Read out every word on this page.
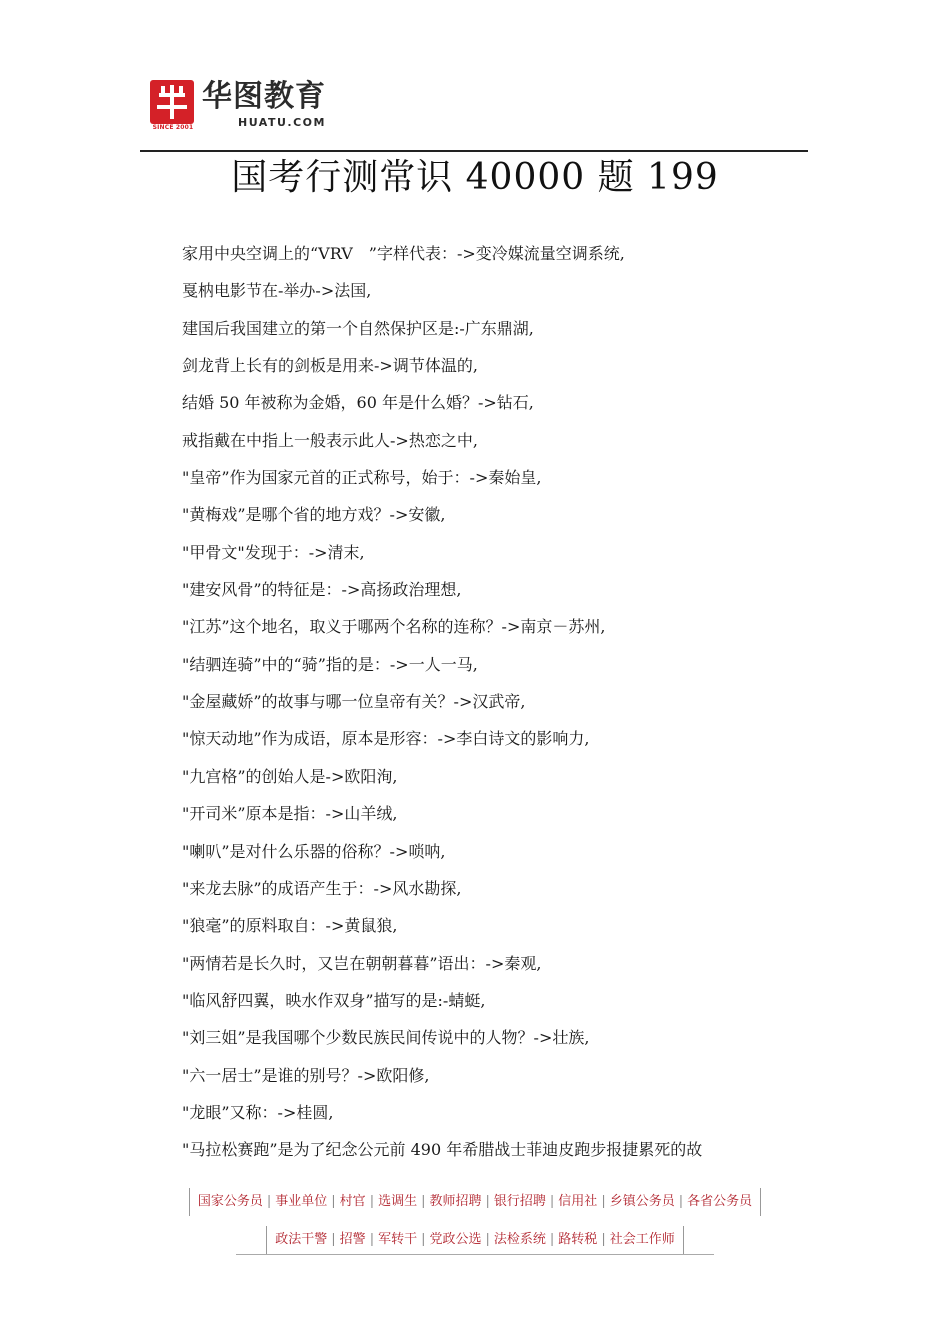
SINCE 2001
华图教育
HUATU.COM
国考行测常识 40000 题 199
家用中央空调上的“VRV　”字样代表：->变冷媒流量空调系统,
戛枘电影节在-举办->法国,
建国后我国建立的第一个自然保护区是:-广东鼎湖,
剑龙背上长有的剑板是用来->调节体温的,
结婚 50 年被称为金婚，60 年是什么婚？->钻石,
戒指戴在中指上一般表示此人->热恋之中,
"皇帝”作为国家元首的正式称号，始于：->秦始皇,
"黄梅戏”是哪个省的地方戏？->安徽,
"甲骨文"发现于：->清末,
"建安风骨”的特征是：->高扬政治理想,
"江苏”这个地名，取义于哪两个名称的连称？->南京－苏州,
"结驷连骑”中的“骑”指的是：->一人一马,
"金屋藏娇”的故事与哪一位皇帝有关？->汉武帝,
"惊天动地”作为成语，原本是形容：->李白诗文的影响力,
"九宫格”的创始人是->欧阳洵,
"开司米”原本是指：->山羊绒,
"喇叭”是对什么乐器的俗称？->唢呐,
"来龙去脉”的成语产生于：->风水勘探,
"狼毫”的原料取自：->黄鼠狼,
"两情若是长久时，又岂在朝朝暮暮”语出：->秦观,
"临风舒四翼，映水作双身”描写的是:-蜻蜓,
"刘三姐”是我国哪个少数民族民间传说中的人物？->壮族,
"六一居士”是谁的别号？->欧阳修,
"龙眼”又称：->桂圆,
"马拉松赛跑”是为了纪念公元前 490 年希腊战士菲迪皮跑步报捷累死的故
国家公务员 | 事业单位 | 村官 | 选调生 | 教师招聘 | 银行招聘 | 信用社 | 乡镇公务员 | 各省公务员
政法干警 | 招警 | 军转干 | 党政公选 | 法检系统 | 路转税 | 社会工作师
